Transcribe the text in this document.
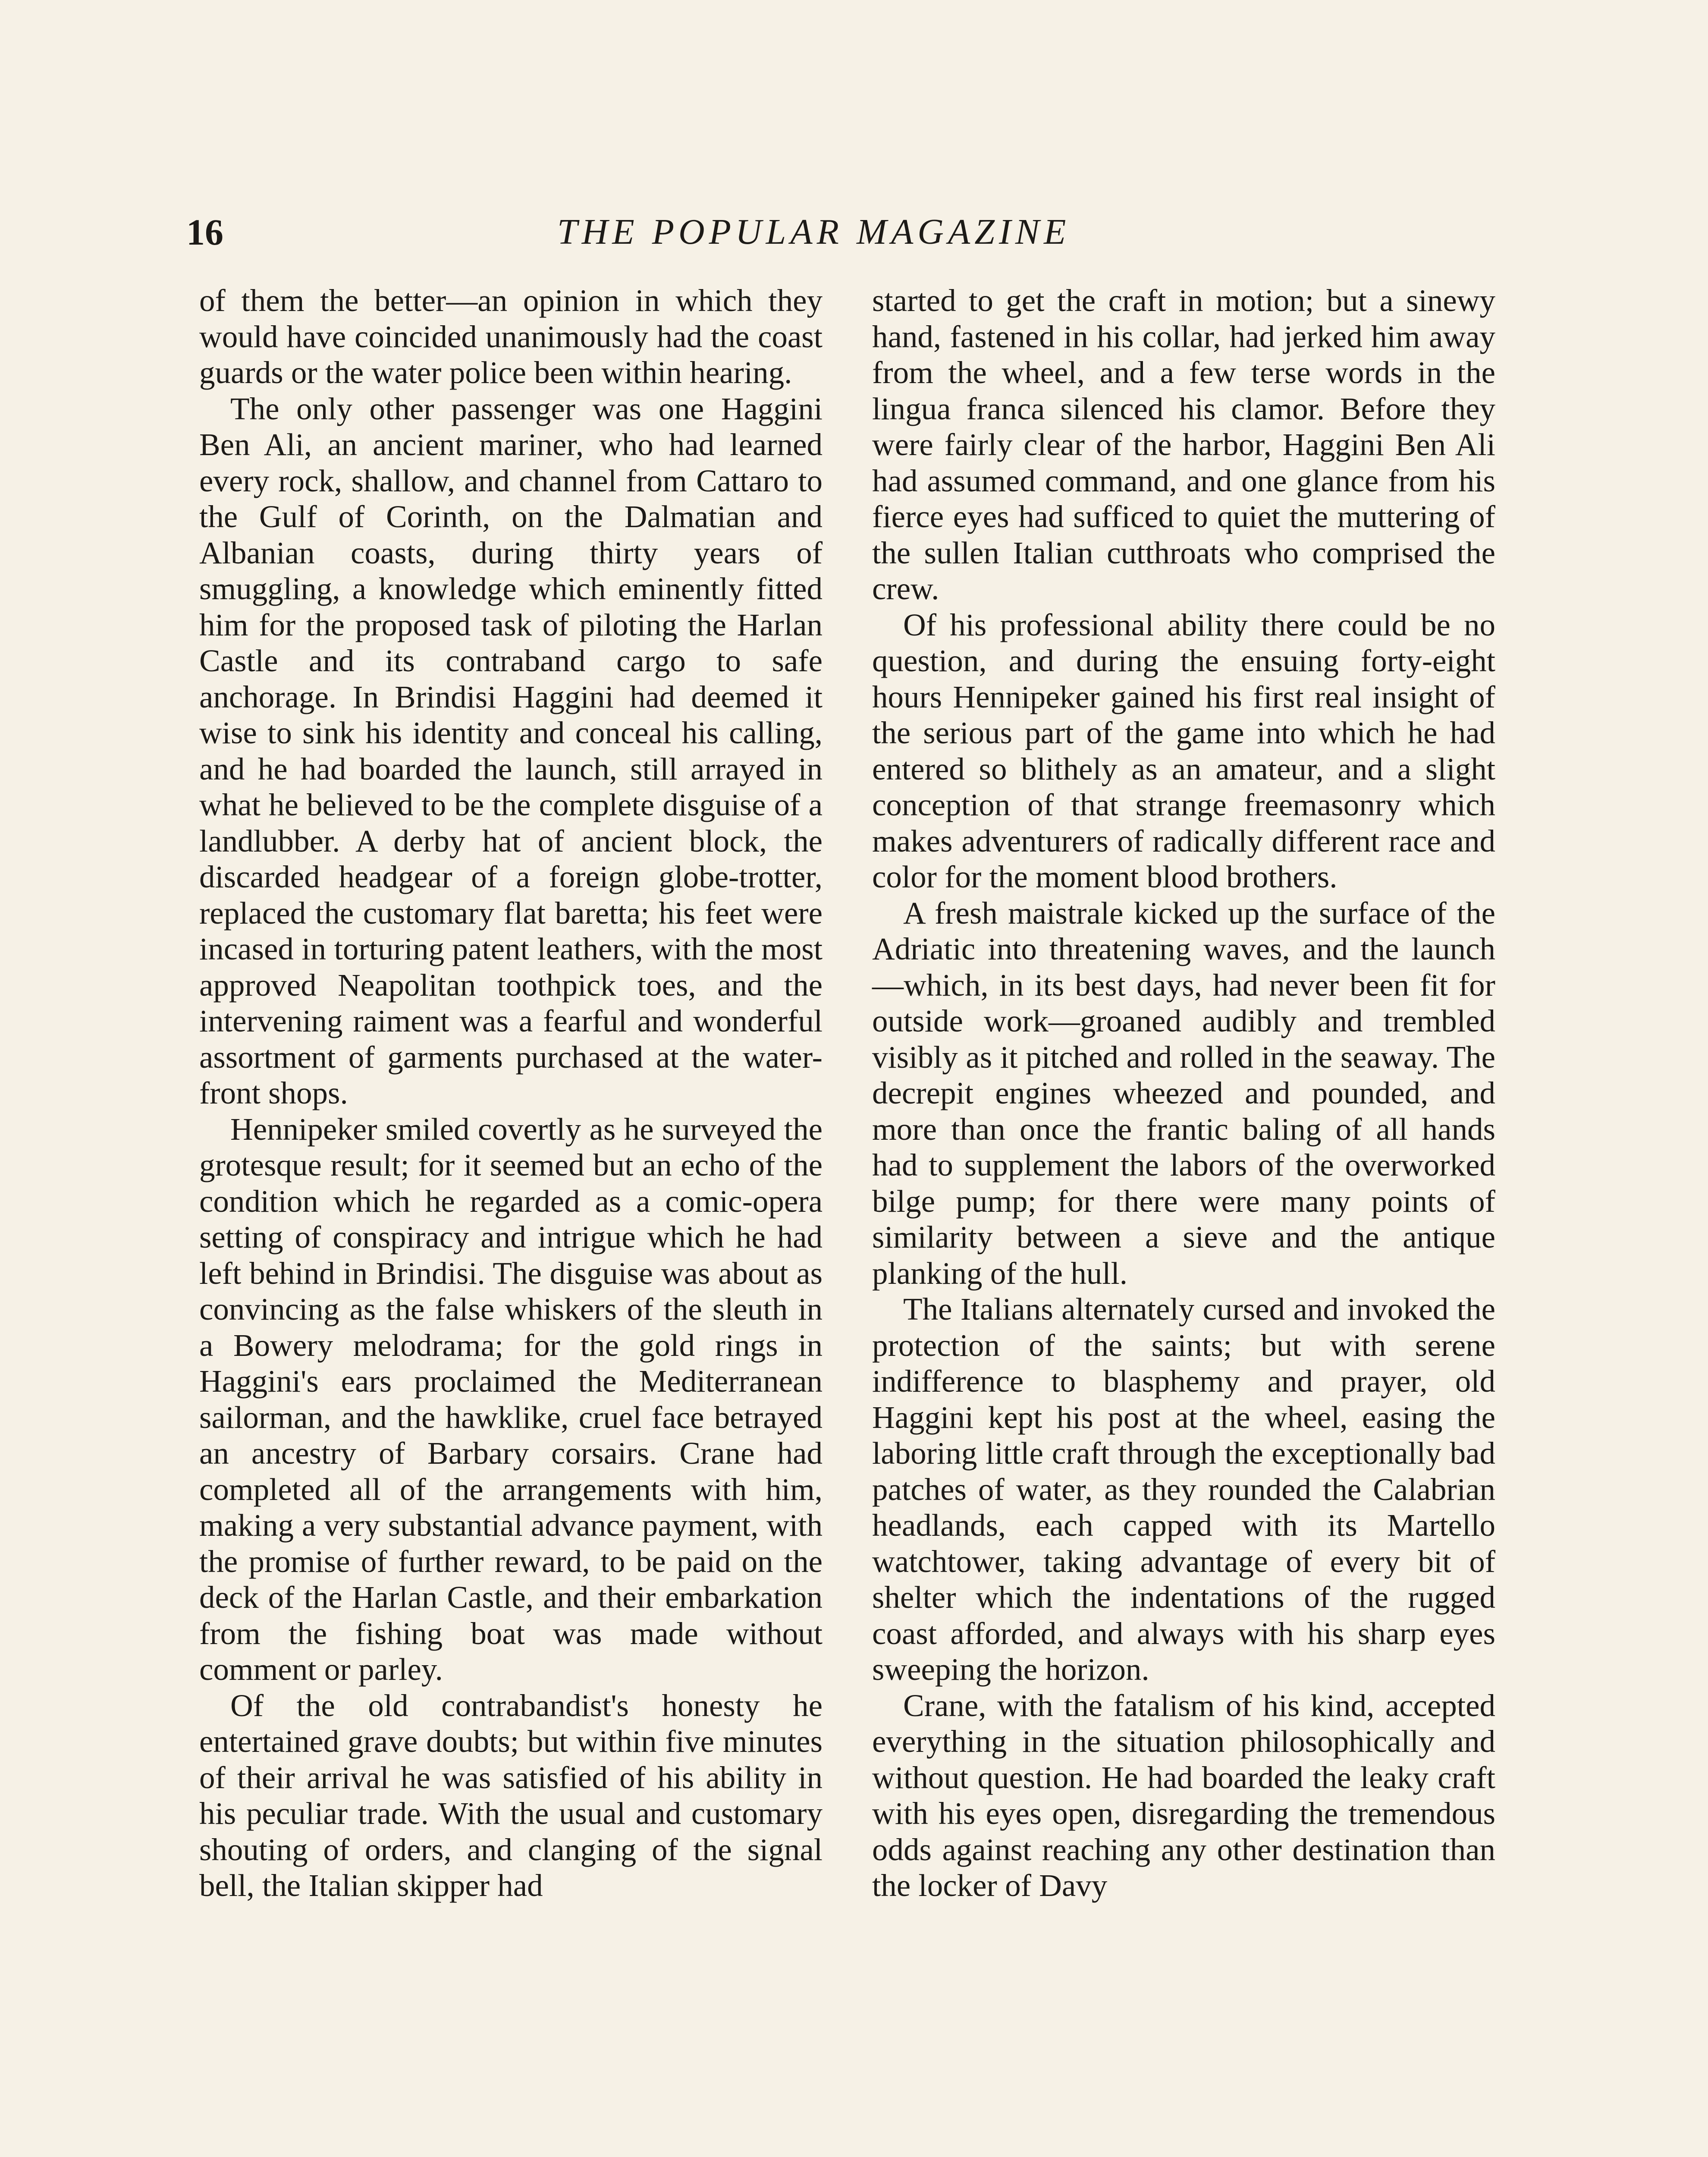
16	THE POPULAR MAGAZINE

of them the better—an opinion in which they would have coincided unanimously had the coast guards or the water police been within hearing.

The only other passenger was one Haggini Ben Ali, an ancient mariner, who had learned every rock, shallow, and channel from Cattaro to the Gulf of Corinth, on the Dalmatian and Albanian coasts, during thirty years of smuggling, a knowledge which eminently fitted him for the proposed task of piloting the Harlan Castle and its contraband cargo to safe anchorage. In Brindisi Haggini had deemed it wise to sink his identity and conceal his calling, and he had boarded the launch, still arrayed in what he believed to be the complete disguise of a landlubber. A derby hat of ancient block, the discarded headgear of a foreign globe-trotter, replaced the customary flat baretta; his feet were incased in torturing patent leathers, with the most approved Neapolitan toothpick toes, and the intervening raiment was a fearful and wonderful assortment of garments purchased at the water-front shops.

Hennipeker smiled covertly as he surveyed the grotesque result; for it seemed but an echo of the condition which he regarded as a comic-opera setting of conspiracy and intrigue which he had left behind in Brindisi. The disguise was about as convincing as the false whiskers of the sleuth in a Bowery melodrama; for the gold rings in Haggini's ears proclaimed the Mediterranean sailorman, and the hawklike, cruel face betrayed an ancestry of Barbary corsairs. Crane had completed all of the arrangements with him, making a very substantial advance payment, with the promise of further reward, to be paid on the deck of the Harlan Castle, and their embarkation from the fishing boat was made without comment or parley.

Of the old contrabandist's honesty he entertained grave doubts; but within five minutes of their arrival he was satisfied of his ability in his peculiar trade. With the usual and customary shouting of orders, and clanging of the signal bell, the Italian skipper had

started to get the craft in motion; but a sinewy hand, fastened in his collar, had jerked him away from the wheel, and a few terse words in the lingua franca silenced his clamor. Before they were fairly clear of the harbor, Haggini Ben Ali had assumed command, and one glance from his fierce eyes had sufficed to quiet the muttering of the sullen Italian cutthroats who comprised the crew.

Of his professional ability there could be no question, and during the ensuing forty-eight hours Hennipeker gained his first real insight of the serious part of the game into which he had entered so blithely as an amateur, and a slight conception of that strange freemasonry which makes adventurers of radically different race and color for the moment blood brothers.

A fresh maistrale kicked up the surface of the Adriatic into threatening waves, and the launch—which, in its best days, had never been fit for outside work—groaned audibly and trembled visibly as it pitched and rolled in the seaway. The decrepit engines wheezed and pounded, and more than once the frantic baling of all hands had to supplement the labors of the overworked bilge pump; for there were many points of similarity between a sieve and the antique planking of the hull.

The Italians alternately cursed and invoked the protection of the saints; but with serene indifference to blasphemy and prayer, old Haggini kept his post at the wheel, easing the laboring little craft through the exceptionally bad patches of water, as they rounded the Calabrian headlands, each capped with its Martello watchtower, taking advantage of every bit of shelter which the indentations of the rugged coast afforded, and always with his sharp eyes sweeping the horizon.

Crane, with the fatalism of his kind, accepted everything in the situation philosophically and without question. He had boarded the leaky craft with his eyes open, disregarding the tremendous odds against reaching any other destination than the locker of Davy
